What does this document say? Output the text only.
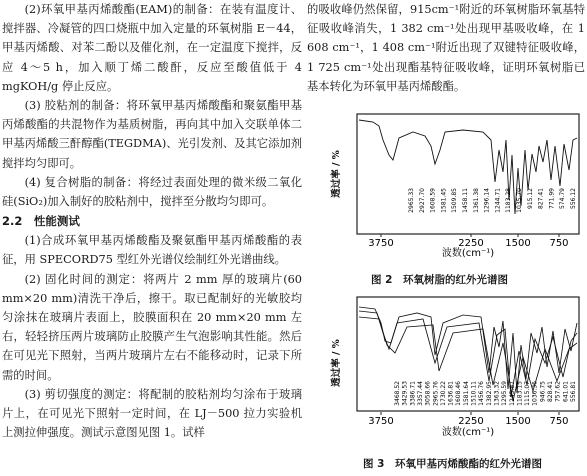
(2)环氧甲基丙烯酸酯(EAM)的制备：在装有温度计、搅拌器、冷凝管的四口烧瓶中加入定量的环氧树脂 E－44，甲基丙烯酸、对苯二酚以及催化剂，在一定温度下搅拌，反应 4～5 h，加入顺丁烯二酸酐，反应至酸值低于 4 mgKOH/g 停止反应。

(3) 胶粘剂的制备：将环氧甲基丙烯酸酯和聚氨酯甲基丙烯酸酯的共混物作为基质树脂，再向其中加入交联单体二甲基丙烯酸三酐醇酯(TEGDMA)、光引发剂、及其它添加剂搅拌均匀即可。

(4) 复合树脂的制备：将经过表面处理的微米级二氧化硅(SiO₂)加入制好的胶粘剂中，搅拌至分散均匀即可。

2.2　性能测试

(1)合成环氧甲基丙烯酸酯及聚氨酯甲基丙烯酸酯的表征，用 SPECORD75 型红外光谱仪绘制红外光谱曲线。

(2) 固化时间的测定：将两片 2 mm 厚的玻璃片(60 mm×20 mm)清洗干净后，擦干。取已配制好的光敏胶均匀涂抹在玻璃片表面上，胶膜面积在 20 mm×20 mm 左右，轻轻挤压两片玻璃防止胶膜产生气泡影响其性能。然后在可见光下照射，当两片玻璃片左右不能移动时，记录下所需的时间。

(3) 剪切强度的测定：将配制的胶粘剂均匀涂布于玻璃片上，在可见光下照射一定时间，在 LJ－500 拉力实验机上测拉伸强度。测试示意图见图 1。试样

的吸收峰仍然保留，915cm⁻¹附近的环氧树脂环氧基特征吸收峰消失，1 382 cm⁻¹处出现甲基吸收峰，在 1 608 cm⁻¹，1 408 cm⁻¹附近出现了双键特征吸收峰，1 725 cm⁻¹处出现酯基特征吸收峰，证明环氧树脂已基本转化为环氧甲基丙烯酸酯。

透过率 / %
2965.33 2927.70 1608.59 1581.45 1509.85 1458.11 1361.38 1296.14 1244.71 1183.28 1035.70 915.12 827.41 771.99 574.79 556.12
3750	2250 1500 750
波数(cm⁻¹)
图 2　环氧树脂的红外光谱图
透过率 / %
3468.52 3429.53 3386.71 3357.44 3058.66 2965.76 1730.22 1636.81 1608.46 1581.64 1510.11 1456.76 1382.95 1363.32 1295.59 1245.87 1183.15 1115.07 1036.36 946.75 828.41 757.62 641.01 556.81
3750	2250 1500 750
波数(cm⁻¹)
图 3　环氧甲基丙烯酸酯的红外光谱图
